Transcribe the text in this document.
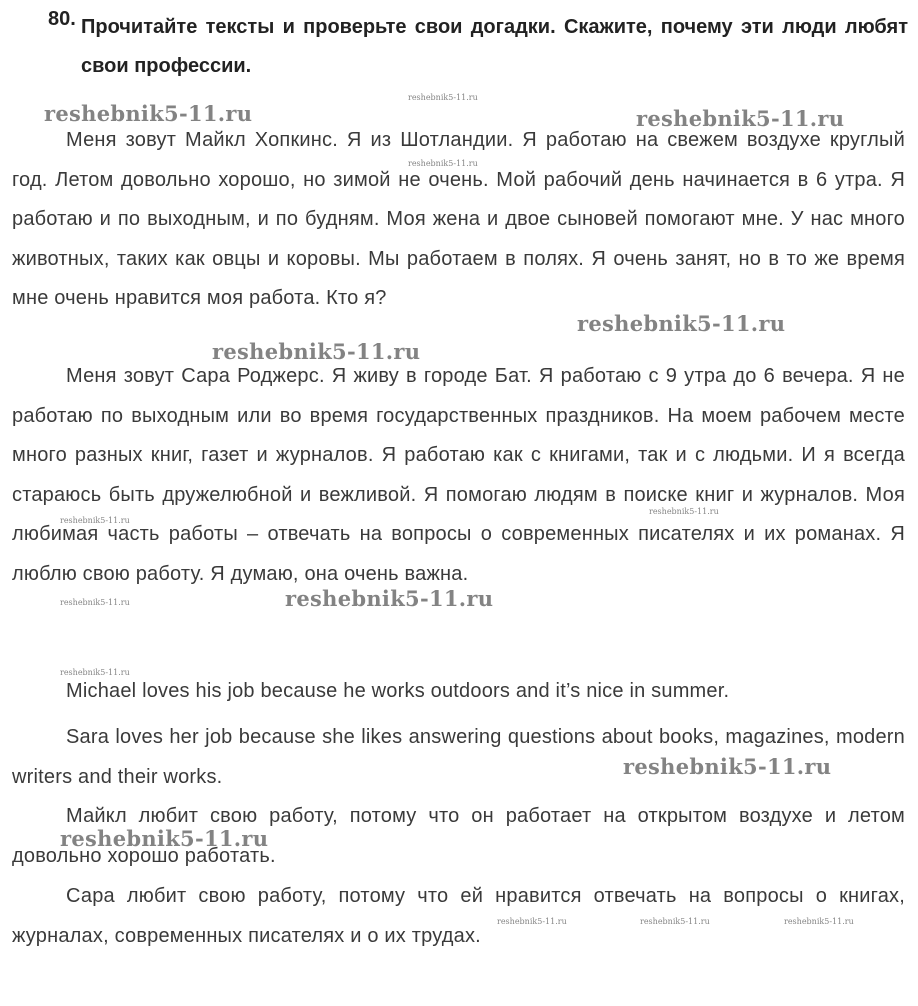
80. Прочитайте тексты и проверьте свои догадки. Скажите, почему эти люди любят свои профессии.

Меня зовут Майкл Хопкинс. Я из Шотландии. Я работаю на свежем воздухе круглый год. Летом довольно хорошо, но зимой не очень. Мой рабочий день начинается в 6 утра. Я работаю и по выходным, и по будням. Моя жена и двое сыновей помогают мне. У нас много животных, таких как овцы и коровы. Мы работаем в полях. Я очень занят, но в то же время мне очень нравится моя работа. Кто я?

Меня зовут Сара Роджерс. Я живу в городе Бат. Я работаю с 9 утра до 6 вечера. Я не работаю по выходным или во время государственных праздников. На моем рабочем месте много разных книг, газет и журналов. Я работаю как с книгами, так и с людьми. И я всегда стараюсь быть дружелюбной и вежливой. Я помогаю людям в поиске книг и журналов. Моя любимая часть работы – отвечать на вопросы о современных писателях и их романах. Я люблю свою работу. Я думаю, она очень важна.

Michael loves his job because he works outdoors and it’s nice in summer.

Sara loves her job because she likes answering questions about books, magazines, modern writers and their works.

Майкл любит свою работу, потому что он работает на открытом воздухе и летом довольно хорошо работать.

Сара любит свою работу, потому что ей нравится отвечать на вопросы о книгах, журналах, современных писателях и о их трудах.

reshebnik5-11.ru	reshebnik5-11.ru
reshebnik5-11.ru
reshebnik5-11.ru
reshebnik5-11.ru
reshebnik5-11.ru
reshebnik5-11.ru
reshebnik5-11.ru
reshebnik5-11.ru
reshebnik5-11.ru
reshebnik5-11.ru
reshebnik5-11.ru
reshebnik5-11.ru
reshebnik5-11.ru	reshebnik5-11.ru	reshebnik5-11.ru
